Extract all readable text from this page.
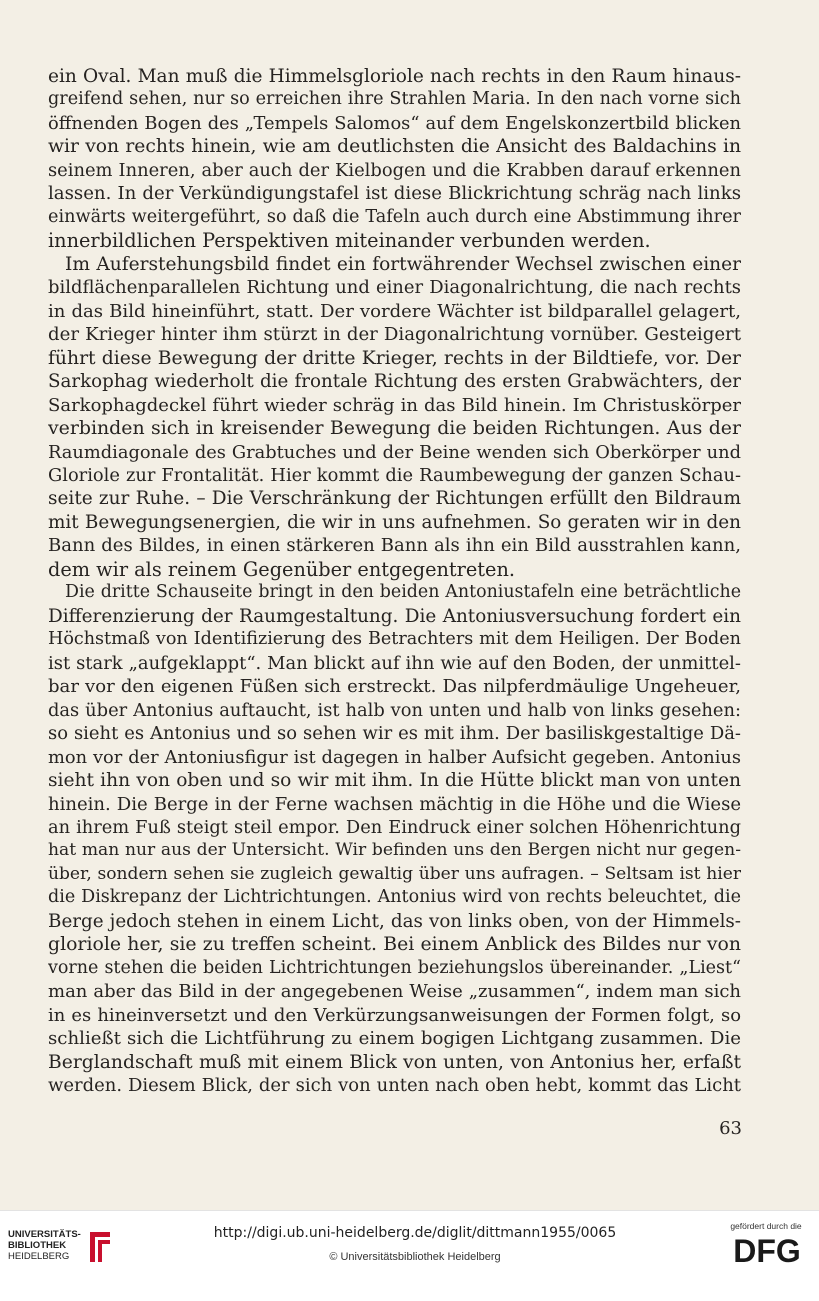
ein Oval. Man muß die Himmelsgloriole nach rechts in den Raum hinaus-
greifend sehen, nur so erreichen ihre Strahlen Maria. In den nach vorne sich
öffnenden Bogen des „Tempels Salomos“ auf dem Engelskonzertbild blicken
wir von rechts hinein, wie am deutlichsten die Ansicht des Baldachins in
seinem Inneren, aber auch der Kielbogen und die Krabben darauf erkennen
lassen. In der Verkündigungstafel ist diese Blickrichtung schräg nach links
einwärts weitergeführt, so daß die Tafeln auch durch eine Abstimmung ihrer
innerbildlichen Perspektiven miteinander verbunden werden.
Im Auferstehungsbild findet ein fortwährender Wechsel zwischen einer
bildflächenparallelen Richtung und einer Diagonalrichtung, die nach rechts
in das Bild hineinführt, statt. Der vordere Wächter ist bildparallel gelagert,
der Krieger hinter ihm stürzt in der Diagonalrichtung vornüber. Gesteigert
führt diese Bewegung der dritte Krieger, rechts in der Bildtiefe, vor. Der
Sarkophag wiederholt die frontale Richtung des ersten Grabwächters, der
Sarkophagdeckel führt wieder schräg in das Bild hinein. Im Christuskörper
verbinden sich in kreisender Bewegung die beiden Richtungen. Aus der
Raumdiagonale des Grabtuches und der Beine wenden sich Oberkörper und
Gloriole zur Frontalität. Hier kommt die Raumbewegung der ganzen Schau-
seite zur Ruhe. – Die Verschränkung der Richtungen erfüllt den Bildraum
mit Bewegungsenergien, die wir in uns aufnehmen. So geraten wir in den
Bann des Bildes, in einen stärkeren Bann als ihn ein Bild ausstrahlen kann,
dem wir als reinem Gegenüber entgegentreten.
Die dritte Schauseite bringt in den beiden Antoniustafeln eine beträchtliche
Differenzierung der Raumgestaltung. Die Antoniusversuchung fordert ein
Höchstmaß von Identifizierung des Betrachters mit dem Heiligen. Der Boden
ist stark „aufgeklappt“. Man blickt auf ihn wie auf den Boden, der unmittel-
bar vor den eigenen Füßen sich erstreckt. Das nilpferdmäulige Ungeheuer,
das über Antonius auftaucht, ist halb von unten und halb von links gesehen:
so sieht es Antonius und so sehen wir es mit ihm. Der basiliskgestaltige Dä-
mon vor der Antoniusfigur ist dagegen in halber Aufsicht gegeben. Antonius
sieht ihn von oben und so wir mit ihm. In die Hütte blickt man von unten
hinein. Die Berge in der Ferne wachsen mächtig in die Höhe und die Wiese
an ihrem Fuß steigt steil empor. Den Eindruck einer solchen Höhenrichtung
hat man nur aus der Untersicht. Wir befinden uns den Bergen nicht nur gegen-
über, sondern sehen sie zugleich gewaltig über uns aufragen. – Seltsam ist hier
die Diskrepanz der Lichtrichtungen. Antonius wird von rechts beleuchtet, die
Berge jedoch stehen in einem Licht, das von links oben, von der Himmels-
gloriole her, sie zu treffen scheint. Bei einem Anblick des Bildes nur von
vorne stehen die beiden Lichtrichtungen beziehungslos übereinander. „Liest“
man aber das Bild in der angegebenen Weise „zusammen“, indem man sich
in es hineinversetzt und den Verkürzungsanweisungen der Formen folgt, so
schließt sich die Lichtführung zu einem bogigen Lichtgang zusammen. Die
Berglandschaft muß mit einem Blick von unten, von Antonius her, erfaßt
werden. Diesem Blick, der sich von unten nach oben hebt, kommt das Licht
63
UNIVERSITÄTS-
BIBLIOTHEK
HEIDELBERG
http://digi.ub.uni-heidelberg.de/diglit/dittmann1955/0065
© Universitätsbibliothek Heidelberg
gefördert durch die
DFG
